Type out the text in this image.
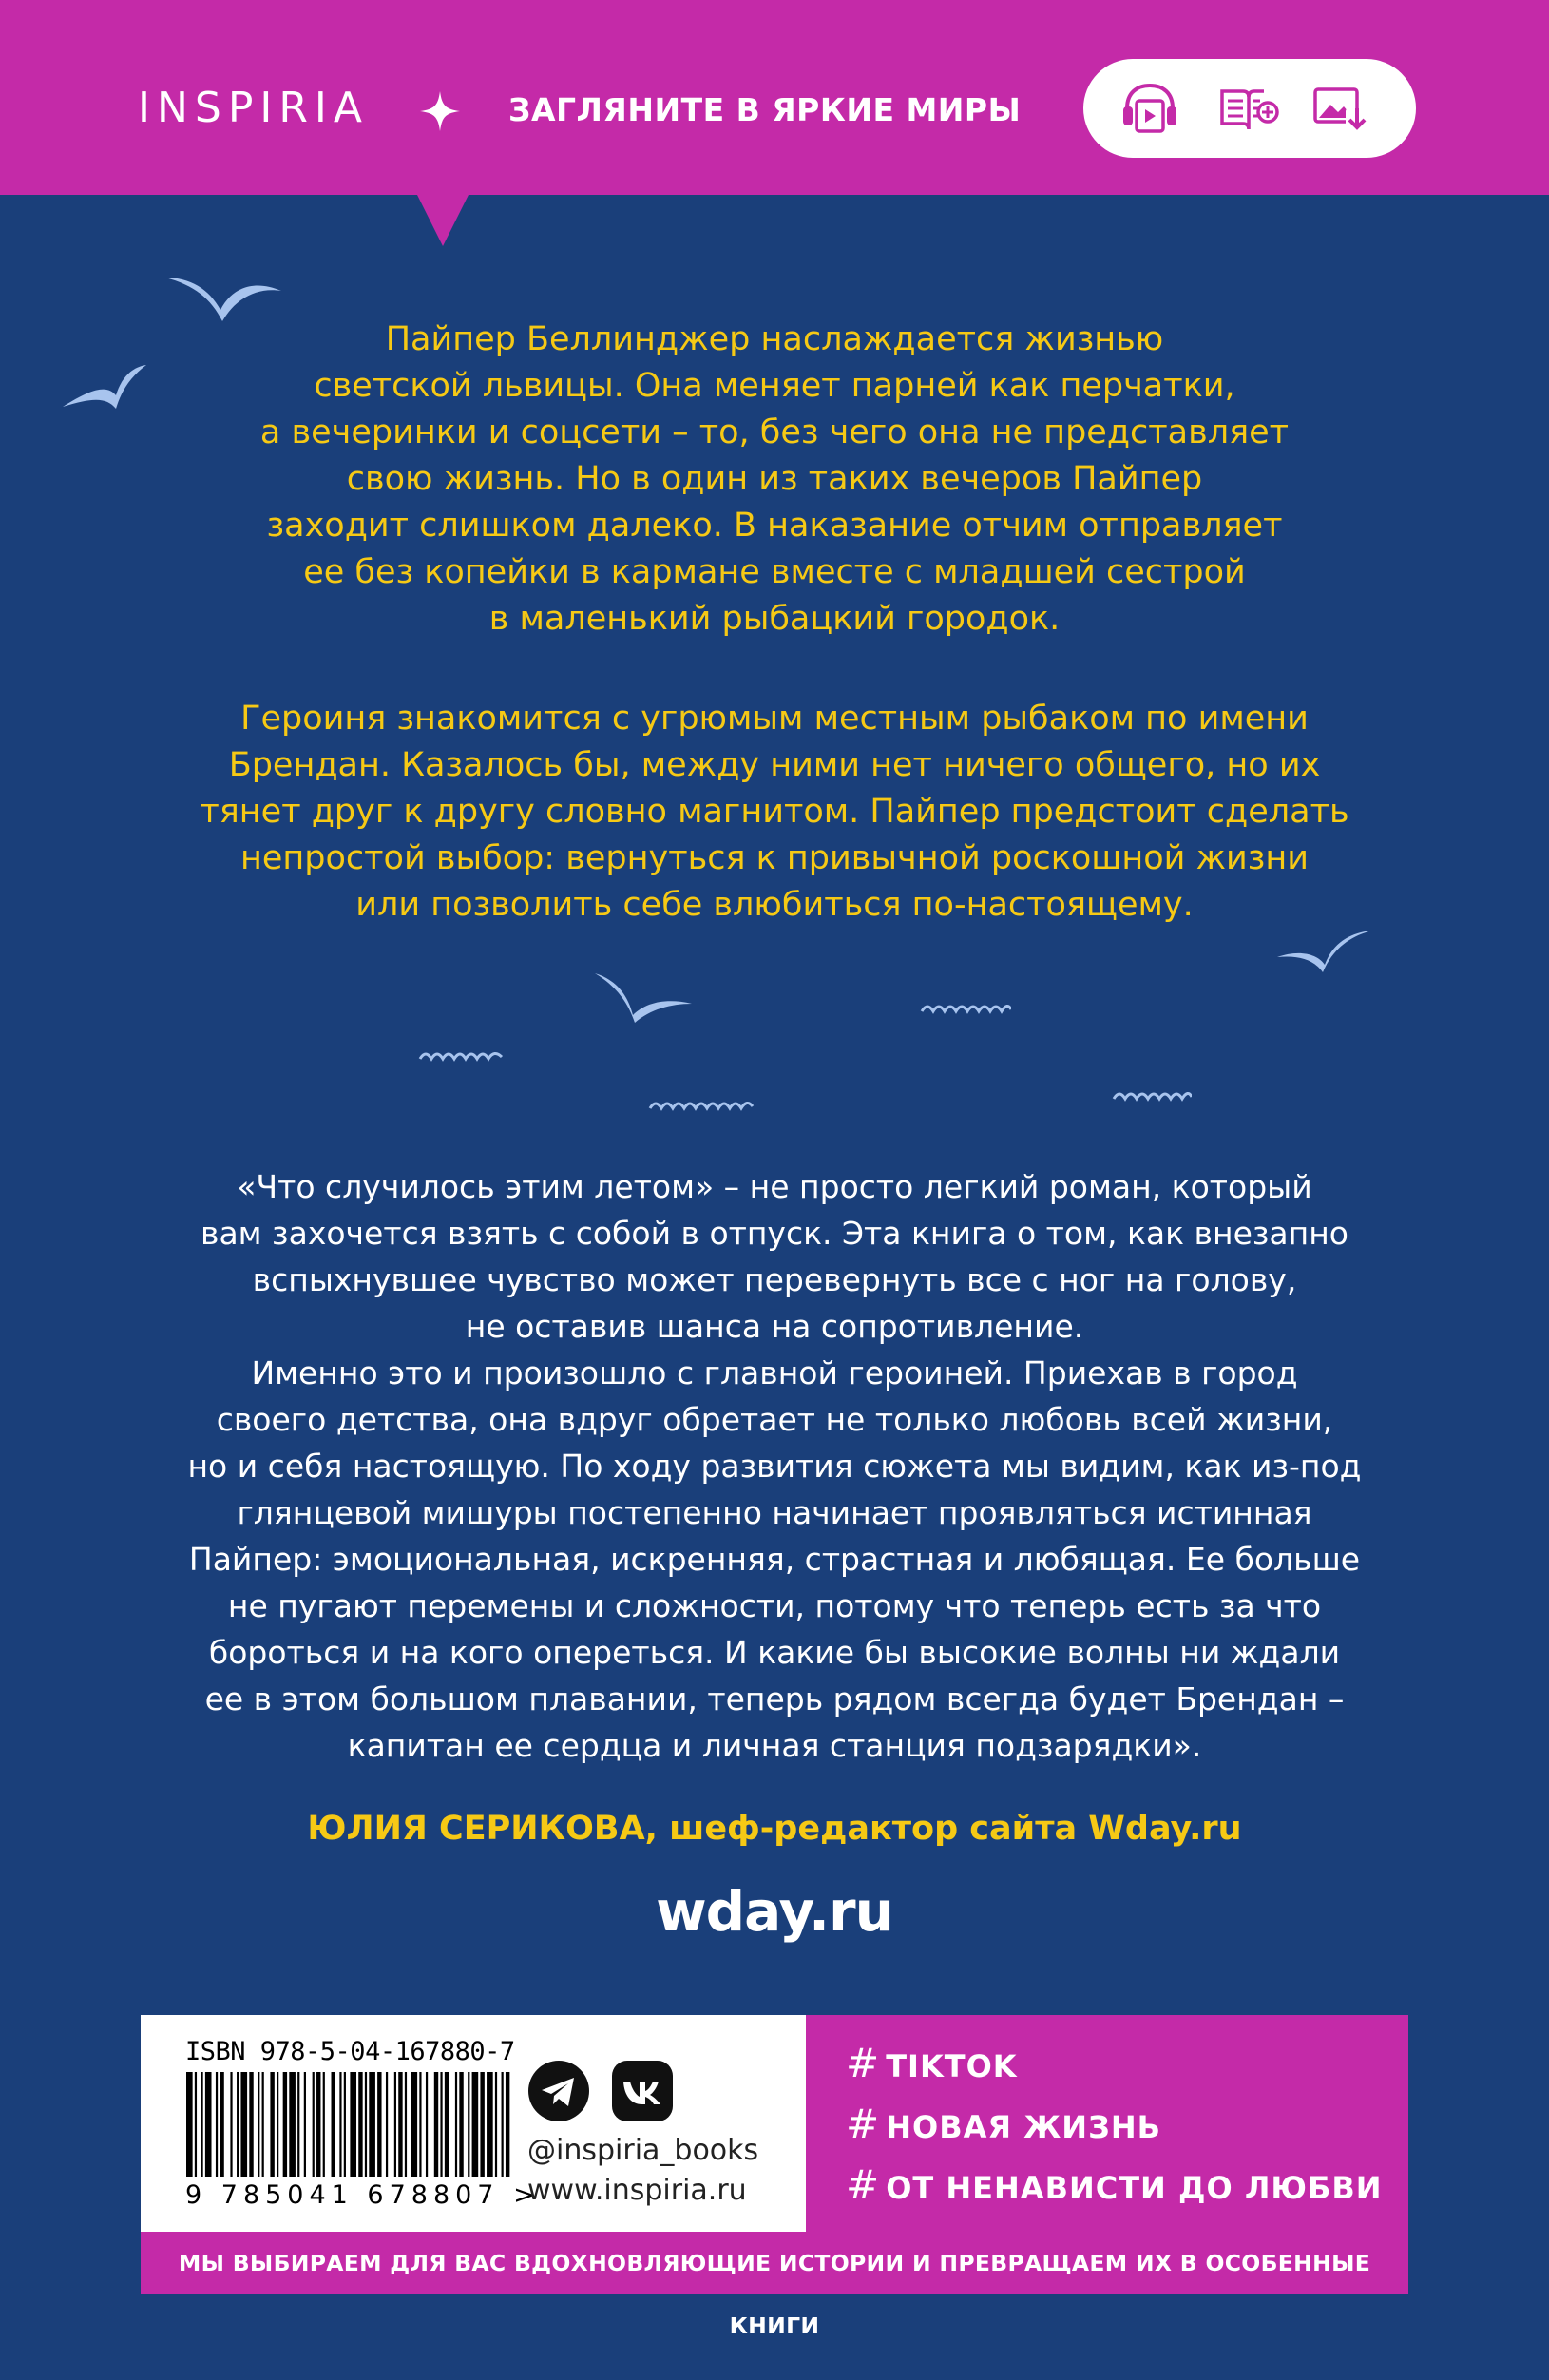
INSPIRIA	ЗАГЛЯНИТЕ В ЯРКИЕ МИРЫ
Пайпер Беллинджер наслаждается жизнью
светской львицы. Она меняет парней как перчатки,
а вечеринки и соцсети – то, без чего она не представляет
свою жизнь. Но в один из таких вечеров Пайпер
заходит слишком далеко. В наказание отчим отправляет
ее без копейки в кармане вместе с младшей сестрой
в маленький рыбацкий городок.
Героиня знакомится с угрюмым местным рыбаком по имени
Брендан. Казалось бы, между ними нет ничего общего, но их
тянет друг к другу словно магнитом. Пайпер предстоит сделать
непростой выбор: вернуться к привычной роскошной жизни
или позволить себе влюбиться по-настоящему.
«Что случилось этим летом» – не просто легкий роман, который
вам захочется взять с собой в отпуск. Эта книга о том, как внезапно
вспыхнувшее чувство может перевернуть все с ног на голову,
не оставив шанса на сопротивление.
Именно это и произошло с главной героиней. Приехав в город
своего детства, она вдруг обретает не только любовь всей жизни,
но и себя настоящую. По ходу развития сюжета мы видим, как из-под
глянцевой мишуры постепенно начинает проявляться истинная
Пайпер: эмоциональная, искренняя, страстная и любящая. Ее больше
не пугают перемены и сложности, потому что теперь есть за что
бороться и на кого опереться. И какие бы высокие волны ни ждали
ее в этом большом плавании, теперь рядом всегда будет Брендан –
капитан ее сердца и личная станция подзарядки».
ЮЛИЯ СЕРИКОВА, шеф-редактор сайта Wday.ru
wday.ru
ISBN 978-5-04-167880-7
9 785041 678807 >
@inspiria_books
www.inspiria.ru
# TIKTOK
# НОВАЯ ЖИЗНЬ
# ОТ НЕНАВИСТИ ДО ЛЮБВИ
МЫ ВЫБИРАЕМ ДЛЯ ВАС ВДОХНОВЛЯЮЩИЕ ИСТОРИИ И ПРЕВРАЩАЕМ ИХ В ОСОБЕННЫЕ КНИГИ
